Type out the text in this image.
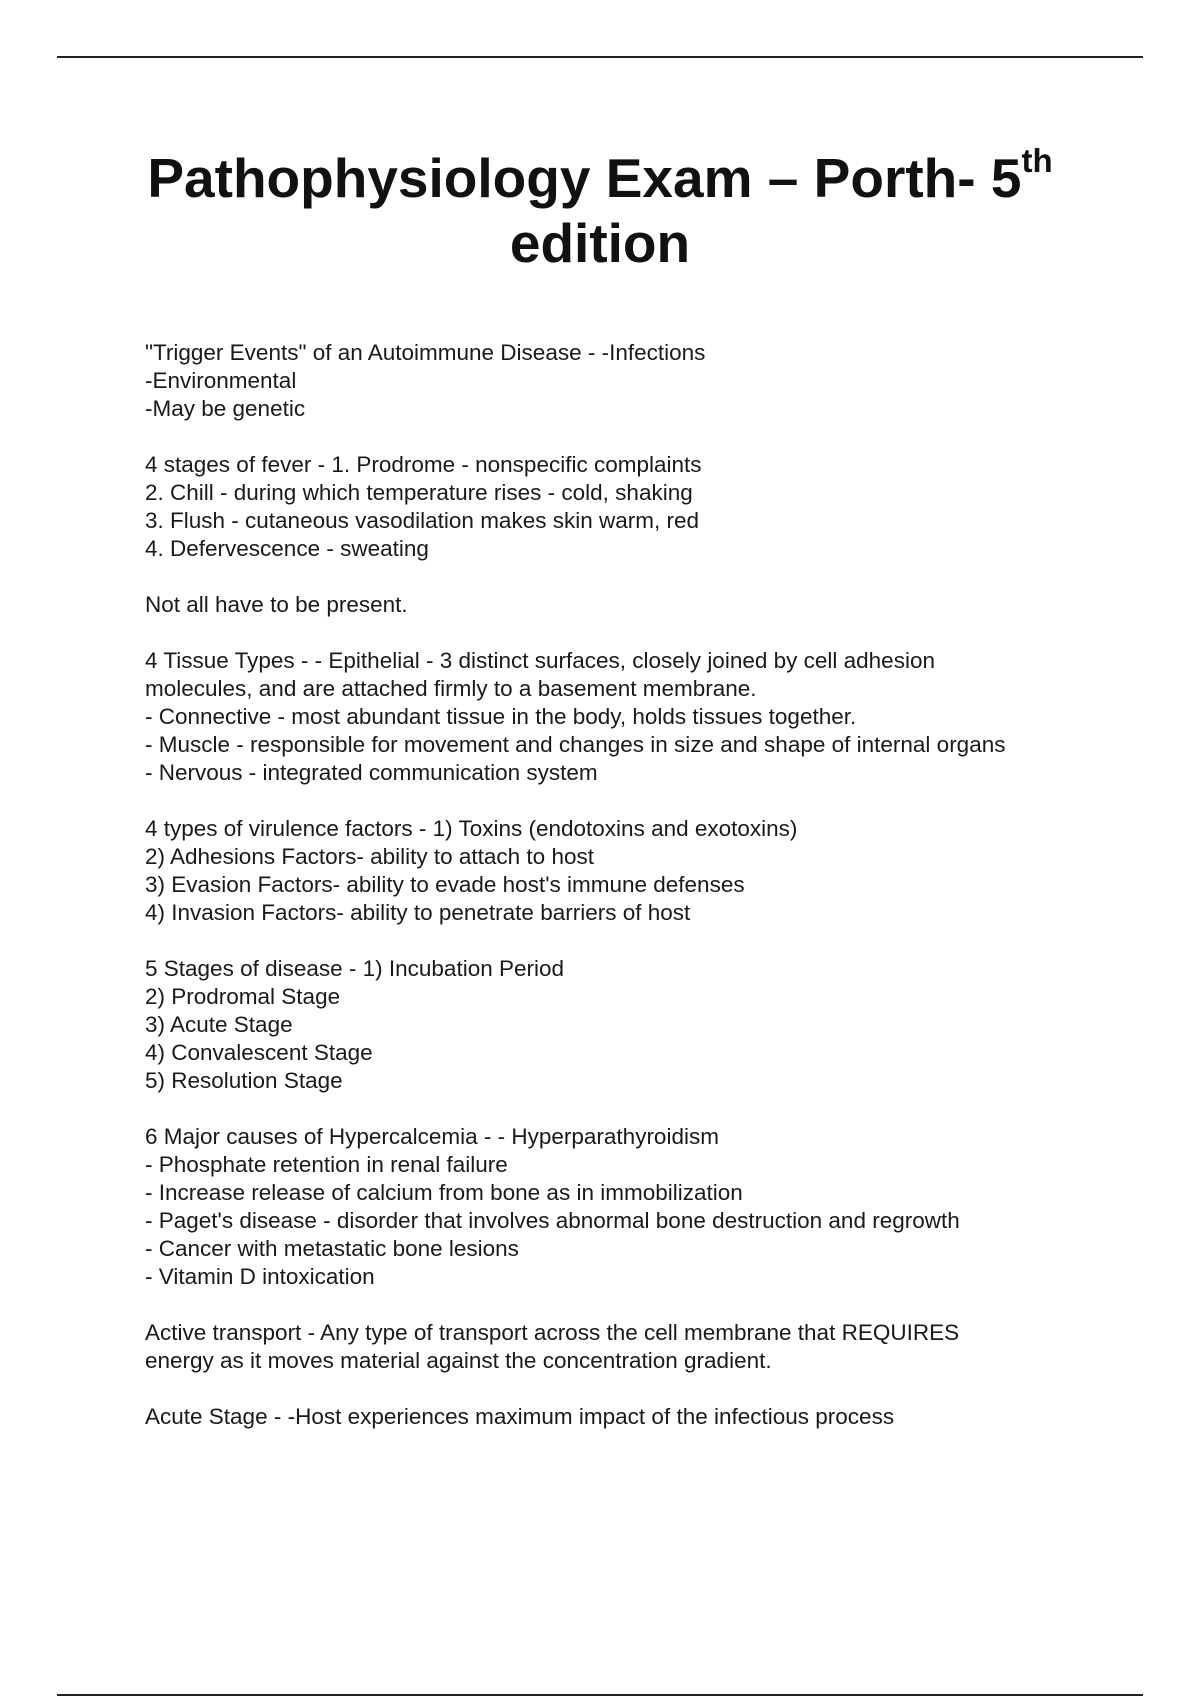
Pathophysiology Exam – Porth- 5th
edition
"Trigger Events" of an Autoimmune Disease - -Infections
-Environmental
-May be genetic
4 stages of fever - 1. Prodrome - nonspecific complaints
2. Chill - during which temperature rises - cold, shaking
3. Flush - cutaneous vasodilation makes skin warm, red
4. Defervescence - sweating
Not all have to be present.
4 Tissue Types - - Epithelial - 3 distinct surfaces, closely joined by cell adhesion
molecules, and are attached firmly to a basement membrane.
- Connective - most abundant tissue in the body, holds tissues together.
- Muscle - responsible for movement and changes in size and shape of internal organs
- Nervous - integrated communication system
4 types of virulence factors - 1) Toxins (endotoxins and exotoxins)
2) Adhesions Factors- ability to attach to host
3) Evasion Factors- ability to evade host's immune defenses
4) Invasion Factors- ability to penetrate barriers of host
5 Stages of disease - 1) Incubation Period
2) Prodromal Stage
3) Acute Stage
4) Convalescent Stage
5) Resolution Stage
6 Major causes of Hypercalcemia - - Hyperparathyroidism
- Phosphate retention in renal failure
- Increase release of calcium from bone as in immobilization
- Paget's disease - disorder that involves abnormal bone destruction and regrowth
- Cancer with metastatic bone lesions
- Vitamin D intoxication
Active transport - Any type of transport across the cell membrane that REQUIRES
energy as it moves material against the concentration gradient.
Acute Stage - -Host experiences maximum impact of the infectious process
